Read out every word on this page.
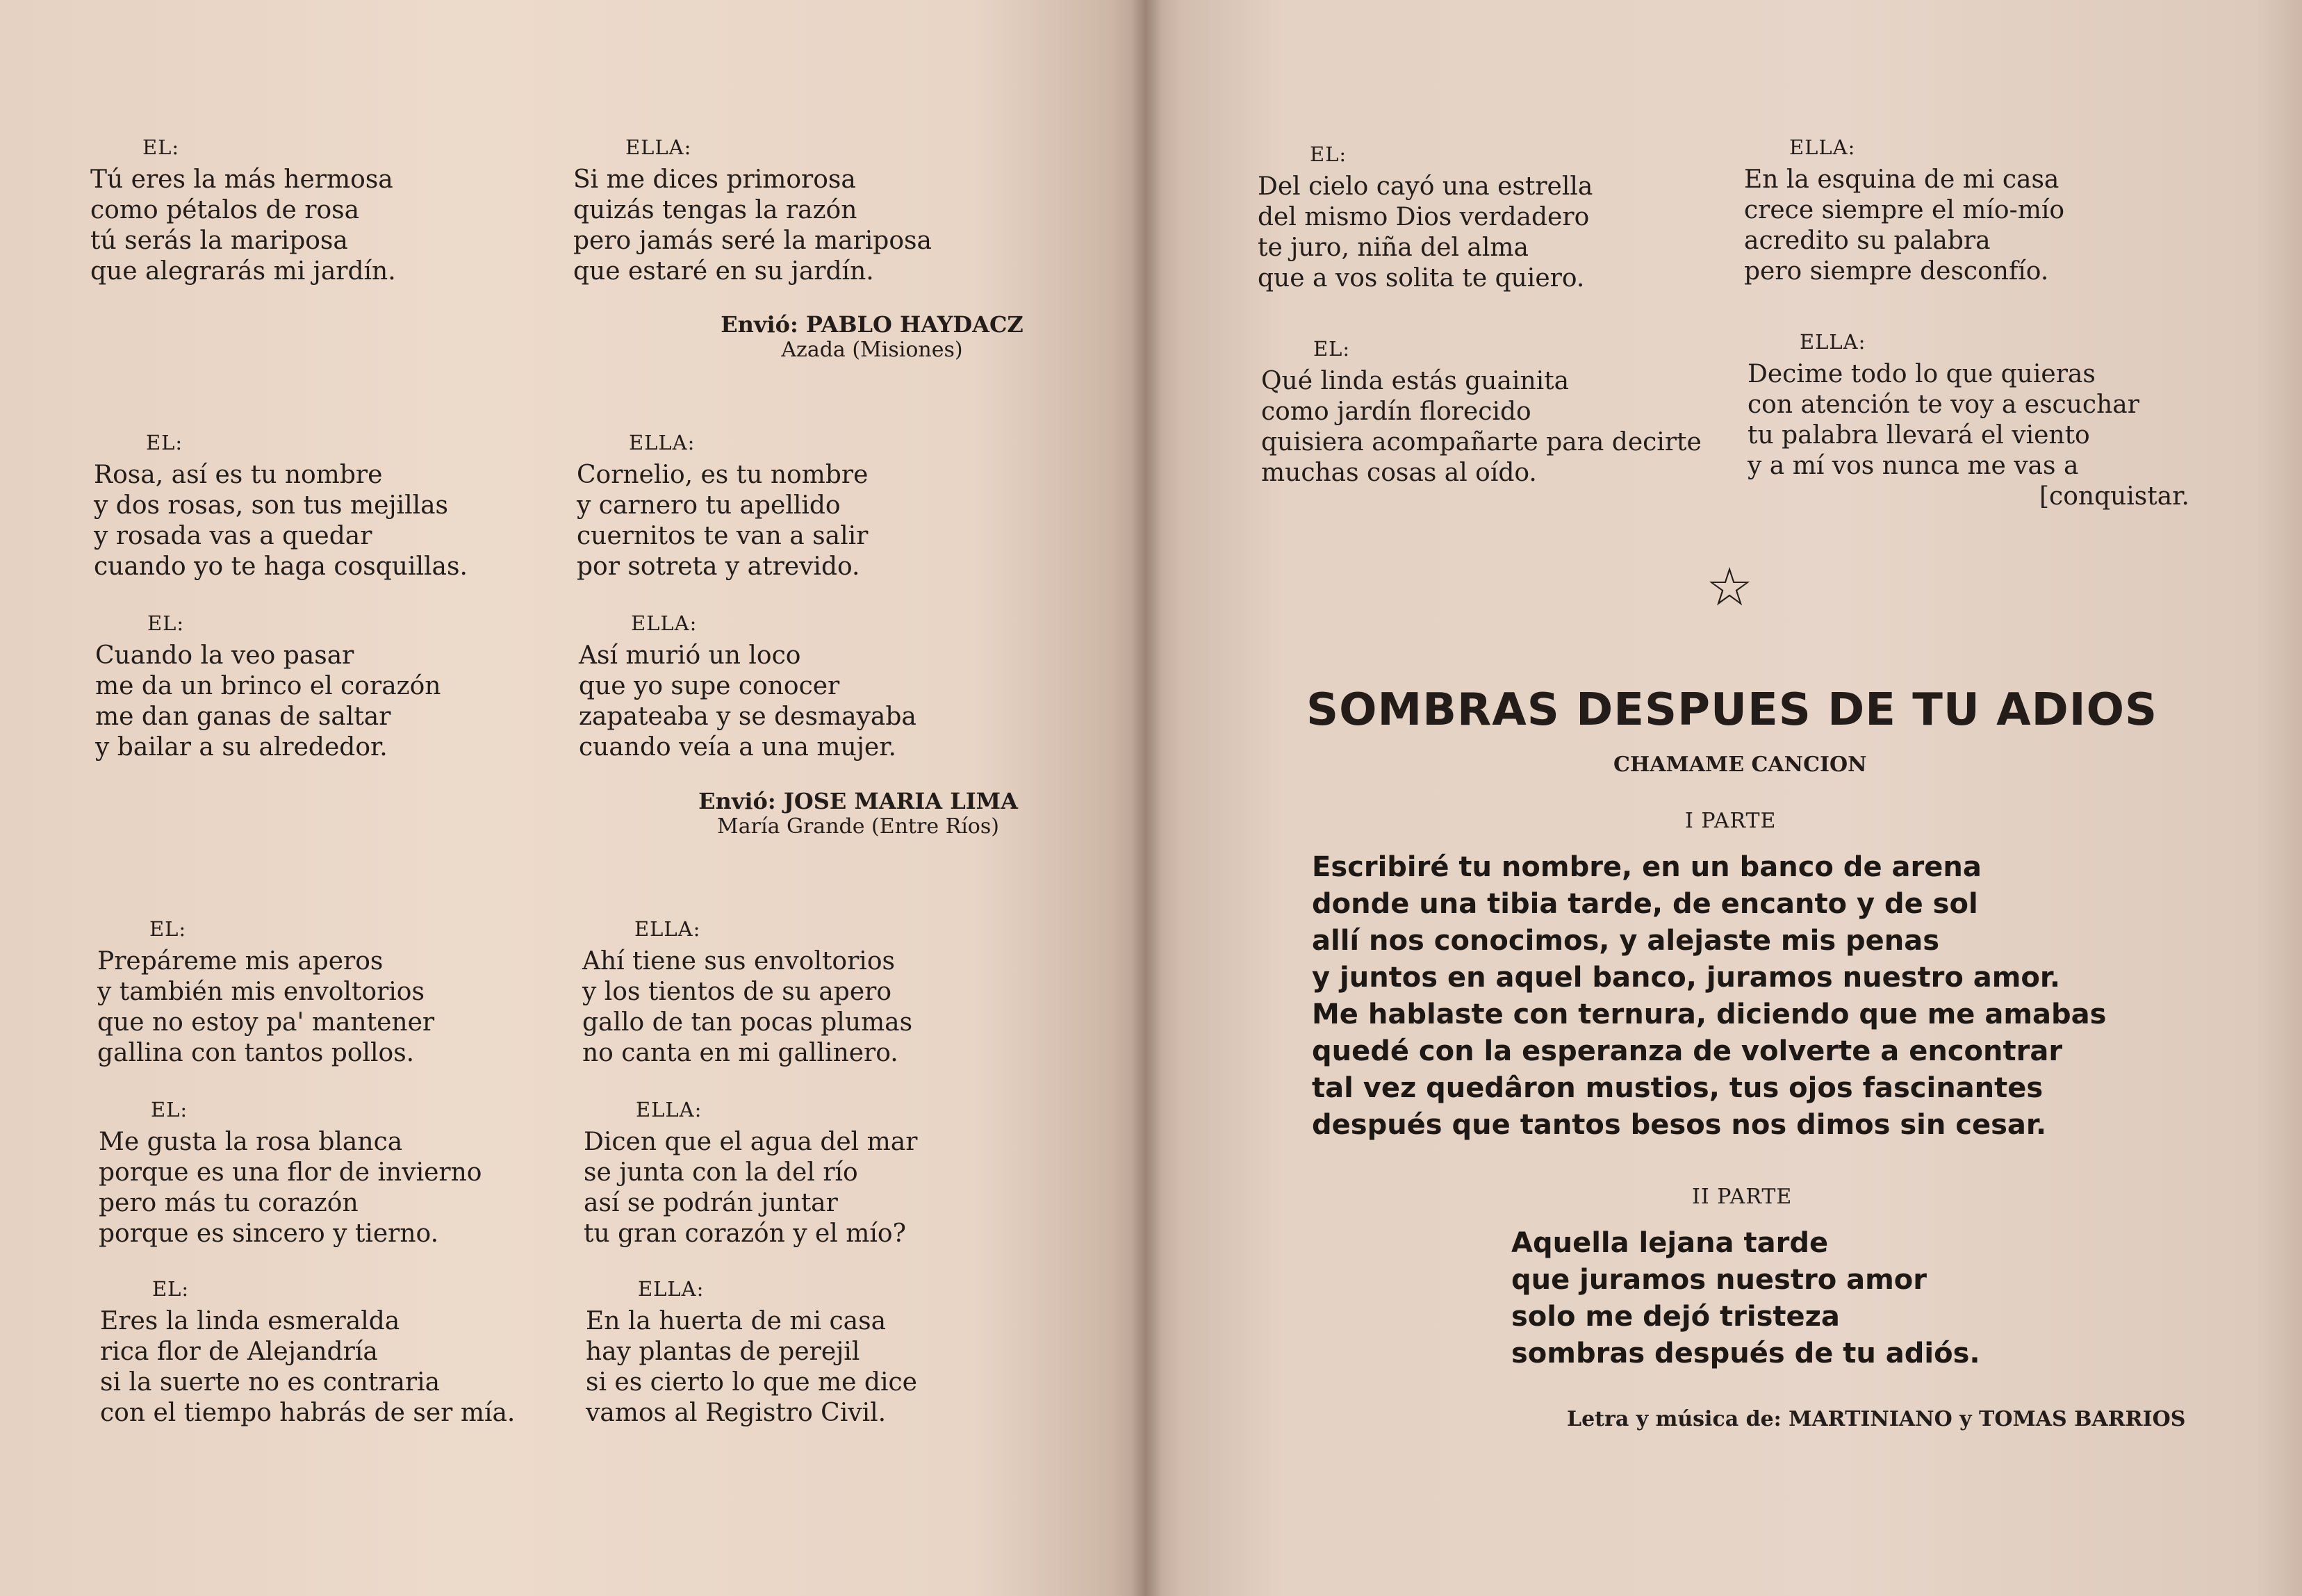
EL:
Tú eres la más hermosa
como pétalos de rosa
tú serás la mariposa
que alegrarás mi jardín.
ELLA:
Si me dices primorosa
quizás tengas la razón
pero jamás seré la mariposa
que estaré en su jardín.
Envió: PABLO HAYDACZ
Azada (Misiones)
EL:
Rosa, así es tu nombre
y dos rosas, son tus mejillas
y rosada vas a quedar
cuando yo te haga cosquillas.
EL:
Cuando la veo pasar
me da un brinco el corazón
me dan ganas de saltar
y bailar a su alrededor.
ELLA:
Cornelio, es tu nombre
y carnero tu apellido
cuernitos te van a salir
por sotreta y atrevido.
ELLA:
Así murió un loco
que yo supe conocer
zapateaba y se desmayaba
cuando veía a una mujer.
Envió: JOSE MARIA LIMA
María Grande (Entre Ríos)
EL:
Prepáreme mis aperos
y también mis envoltorios
que no estoy pa' mantener
gallina con tantos pollos.
EL:
Me gusta la rosa blanca
porque es una flor de invierno
pero más tu corazón
porque es sincero y tierno.
EL:
Eres la linda esmeralda
rica flor de Alejandría
si la suerte no es contraria
con el tiempo habrás de ser mía.
ELLA:
Ahí tiene sus envoltorios
y los tientos de su apero
gallo de tan pocas plumas
no canta en mi gallinero.
ELLA:
Dicen que el agua del mar
se junta con la del río
así se podrán juntar
tu gran corazón y el mío?
ELLA:
En la huerta de mi casa
hay plantas de perejil
si es cierto lo que me dice
vamos al Registro Civil.
EL:
Del cielo cayó una estrella
del mismo Dios verdadero
te juro, niña del alma
que a vos solita te quiero.
EL:
Qué linda estás guainita
como jardín florecido
quisiera acompañarte para decirte
muchas cosas al oído.
ELLA:
En la esquina de mi casa
crece siempre el mío-mío
acredito su palabra
pero siempre desconfío.
ELLA:
Decime todo lo que quieras
con atención te voy a escuchar
tu palabra llevará el viento
y a mí vos nunca me vas a
[conquistar.
☆
SOMBRAS DESPUES DE TU ADIOS
CHAMAME CANCION
I PARTE
Escribiré tu nombre, en un banco de arena
donde una tibia tarde, de encanto y de sol
allí nos conocimos, y alejaste mis penas
y juntos en aquel banco, juramos nuestro amor.
Me hablaste con ternura, diciendo que me amabas
quedé con la esperanza de volverte a encontrar
tal vez quedâron mustios, tus ojos fascinantes
después que tantos besos nos dimos sin cesar.
II PARTE
Aquella lejana tarde
que juramos nuestro amor
solo me dejó tristeza
sombras después de tu adiós.
Letra y música de: MARTINIANO y TOMAS BARRIOS
